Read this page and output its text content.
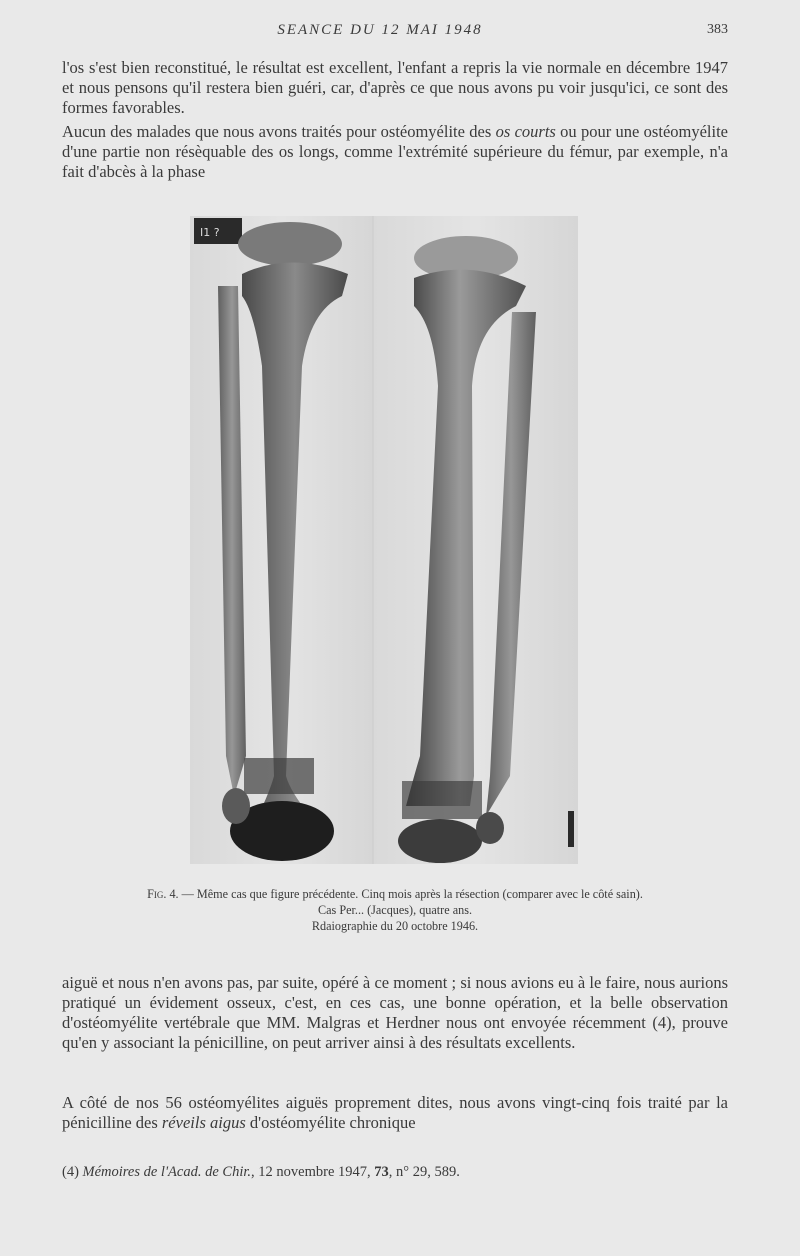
SEANCE DU 12 MAI 1948	383

l'os s'est bien reconstitué, le résultat est excellent, l'enfant a repris la vie normale en décembre 1947 et nous pensons qu'il restera bien guéri, car, d'après ce que nous avons pu voir jusqu'ici, ce sont des formes favorables.

Aucun des malades que nous avons traités pour ostéomyélite des os courts ou pour une ostéomyélite d'une partie non résèquable des os longs, comme l'extrémité supérieure du fémur, par exemple, n'a fait d'abcès à la phase

I1 ?
Fig. 4. — Même cas que figure précédente. Cinq mois après la résection (comparer avec le côté sain).
Cas Per... (Jacques), quatre ans.
Rdaiographie du 20 octobre 1946.

aiguë et nous n'en avons pas, par suite, opéré à ce moment ; si nous avions eu à le faire, nous aurions pratiqué un évidement osseux, c'est, en ces cas, une bonne opération, et la belle observation d'ostéomyélite vertébrale que MM. Malgras et Herdner nous ont envoyée récemment (4), prouve qu'en y associant la pénicilline, on peut arriver ainsi à des résultats excellents.

A côté de nos 56 ostéomyélites aiguës proprement dites, nous avons vingt-cinq fois traité par la pénicilline des réveils aigus d'ostéomyélite chronique

(4) Mémoires de l'Acad. de Chir., 12 novembre 1947, 73, n° 29, 589.
